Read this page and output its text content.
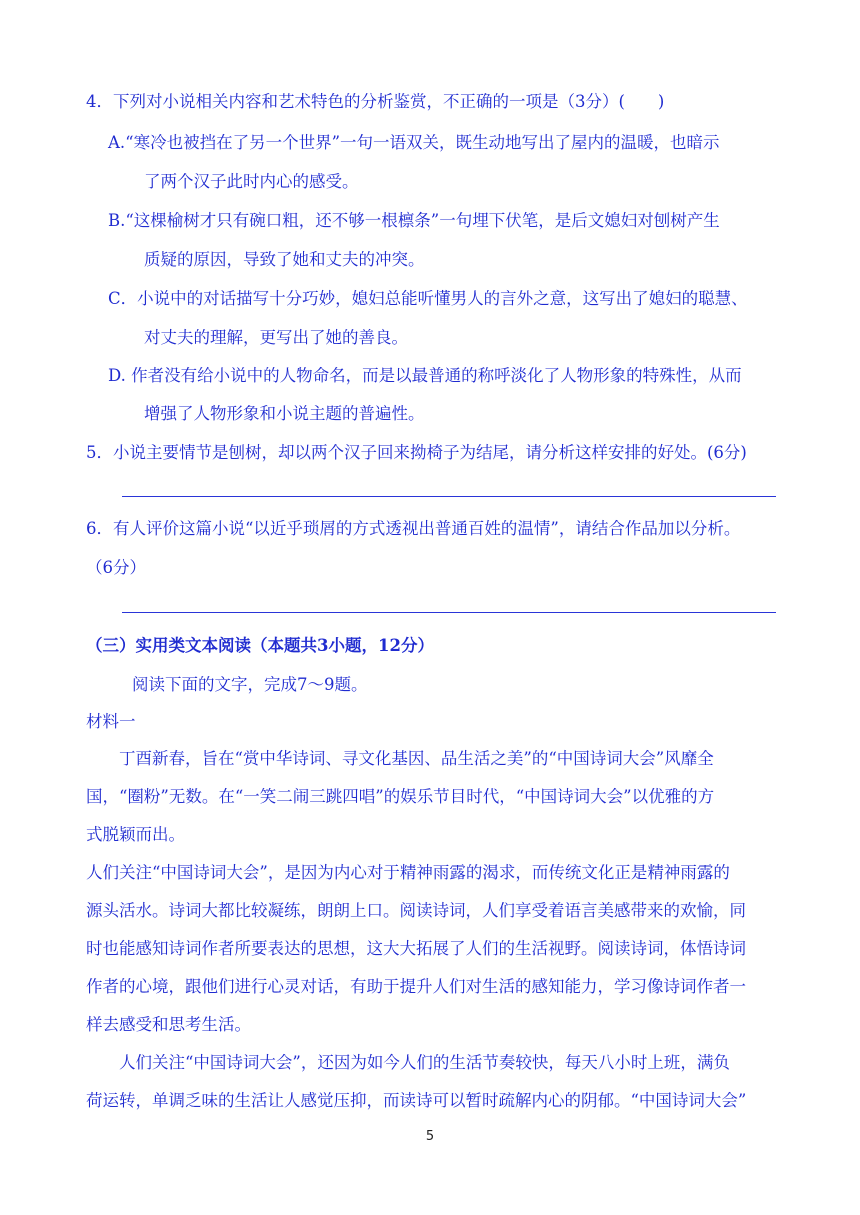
4．下列对小说相关内容和艺术特色的分析鉴赏，不正确的一项是（3分）(　　)
A.“寒冷也被挡在了另一个世界”一句一语双关，既生动地写出了屋内的温暖，也暗示
了两个汉子此时内心的感受。
B.“这棵榆树才只有碗口粗，还不够一根檩条”一句埋下伏笔，是后文媳妇对刨树产生
质疑的原因，导致了她和丈夫的冲突。
C．小说中的对话描写十分巧妙，媳妇总能听懂男人的言外之意，这写出了媳妇的聪慧、
对丈夫的理解，更写出了她的善良。
D. 作者没有给小说中的人物命名，而是以最普通的称呼淡化了人物形象的特殊性，从而
增强了人物形象和小说主题的普遍性。
5．小说主要情节是刨树，却以两个汉子回来拗椅子为结尾，请分析这样安排的好处。(6分)
6．有人评价这篇小说“以近乎琐屑的方式透视出普通百姓的温情”，请结合作品加以分析。
（6分）
（三）实用类文本阅读（本题共3小题，12分）
阅读下面的文字，完成7～9题。
材料一
丁酉新春，旨在“赏中华诗词、寻文化基因、品生活之美”的“中国诗词大会”风靡全
国，“圈粉”无数。在“一笑二闹三跳四唱”的娱乐节目时代，“中国诗词大会”以优雅的方
式脱颖而出。
人们关注“中国诗词大会”，是因为内心对于精神雨露的渴求，而传统文化正是精神雨露的
源头活水。诗词大都比较凝练，朗朗上口。阅读诗词，人们享受着语言美感带来的欢愉，同
时也能感知诗词作者所要表达的思想，这大大拓展了人们的生活视野。阅读诗词，体悟诗词
作者的心境，跟他们进行心灵对话，有助于提升人们对生活的感知能力，学习像诗词作者一
样去感受和思考生活。
人们关注“中国诗词大会”，还因为如今人们的生活节奏较快，每天八小时上班，满负
荷运转，单调乏味的生活让人感觉压抑，而读诗可以暂时疏解内心的阴郁。“中国诗词大会”
5
